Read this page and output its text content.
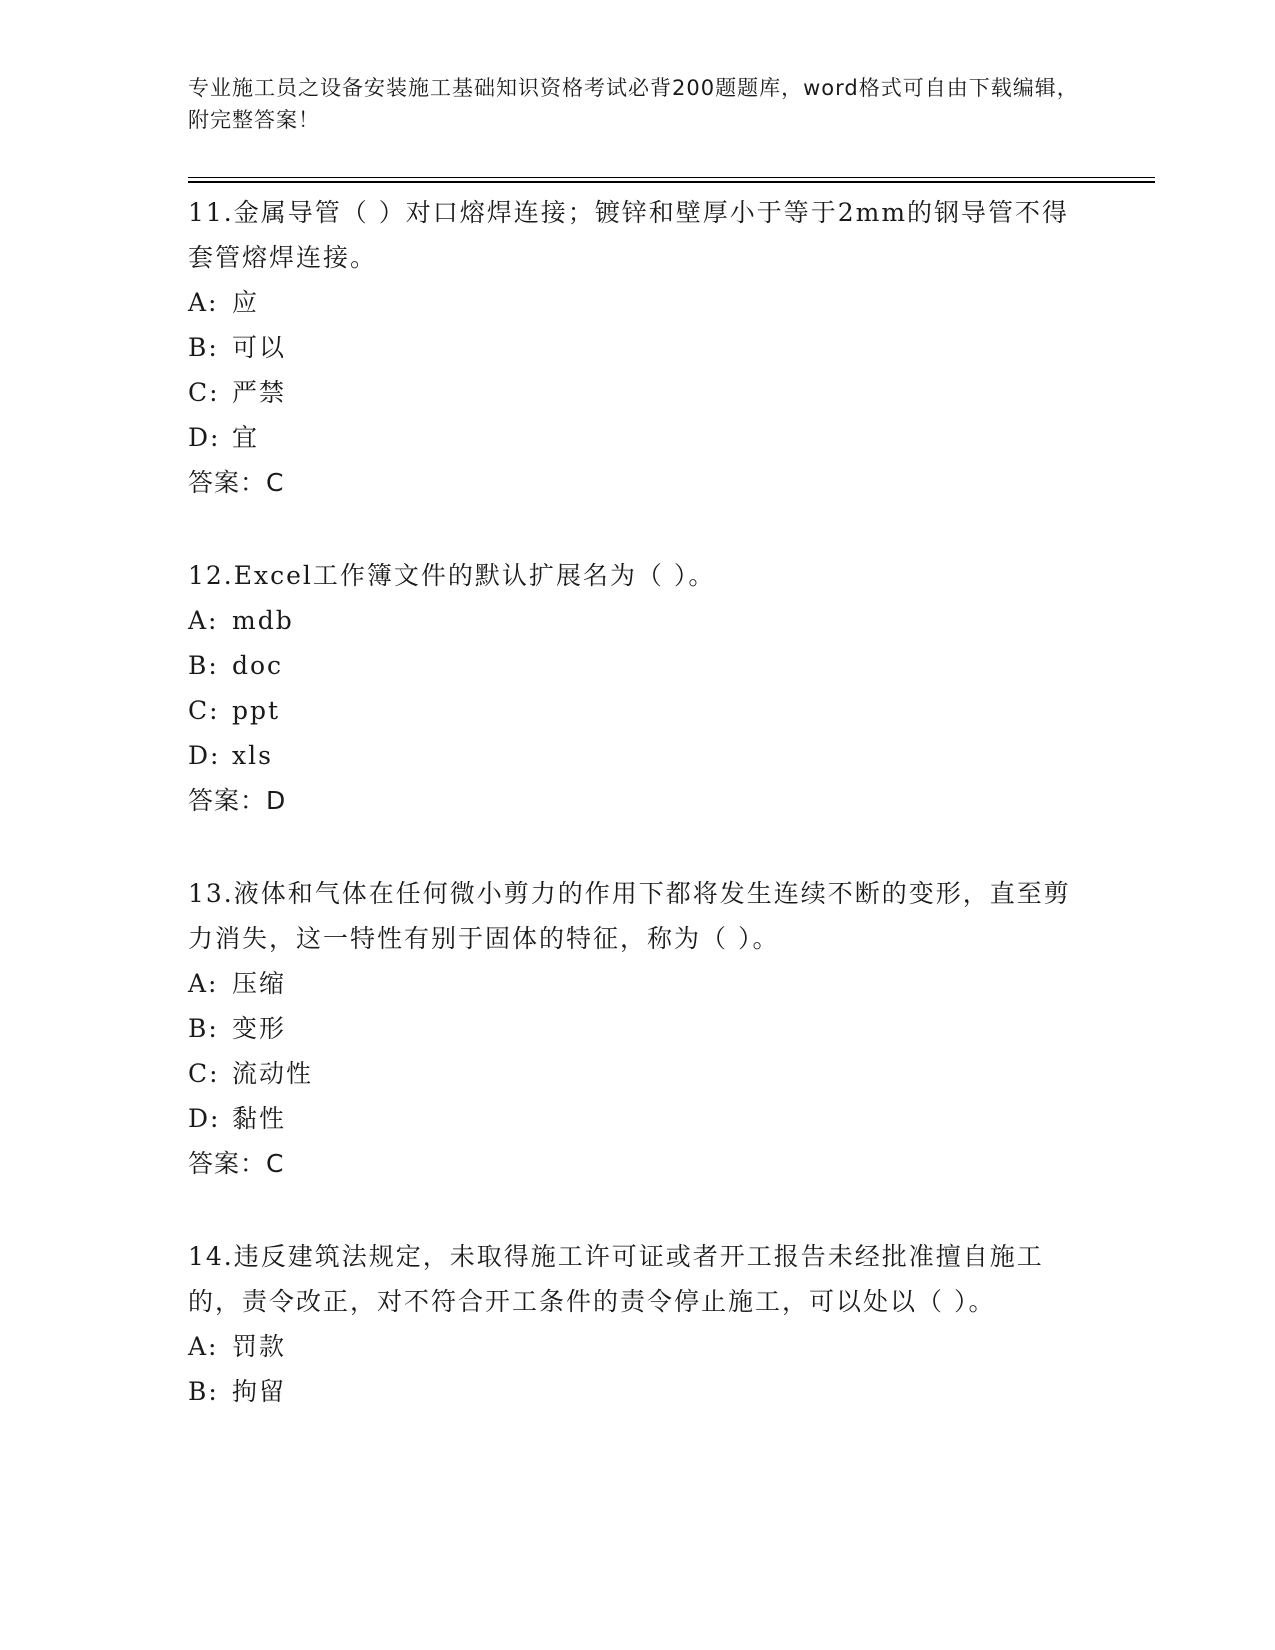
专业施工员之设备安装施工基础知识资格考试必背200题题库，word格式可自由下载编辑，附完整答案！
11.金属导管（ ）对口熔焊连接；镀锌和壁厚小于等于2mm的钢导管不得套管熔焊连接。
A: 应
B: 可以
C: 严禁
D: 宜
答案：C
12.Excel工作簿文件的默认扩展名为（ ）。
A: mdb
B: doc
C: ppt
D: xls
答案：D
13.液体和气体在任何微小剪力的作用下都将发生连续不断的变形，直至剪力消失，这一特性有别于固体的特征，称为（ ）。
A: 压缩
B: 变形
C: 流动性
D: 黏性
答案：C
14.违反建筑法规定，未取得施工许可证或者开工报告未经批准擅自施工的，责令改正，对不符合开工条件的责令停止施工，可以处以（ ）。
A: 罚款
B: 拘留
